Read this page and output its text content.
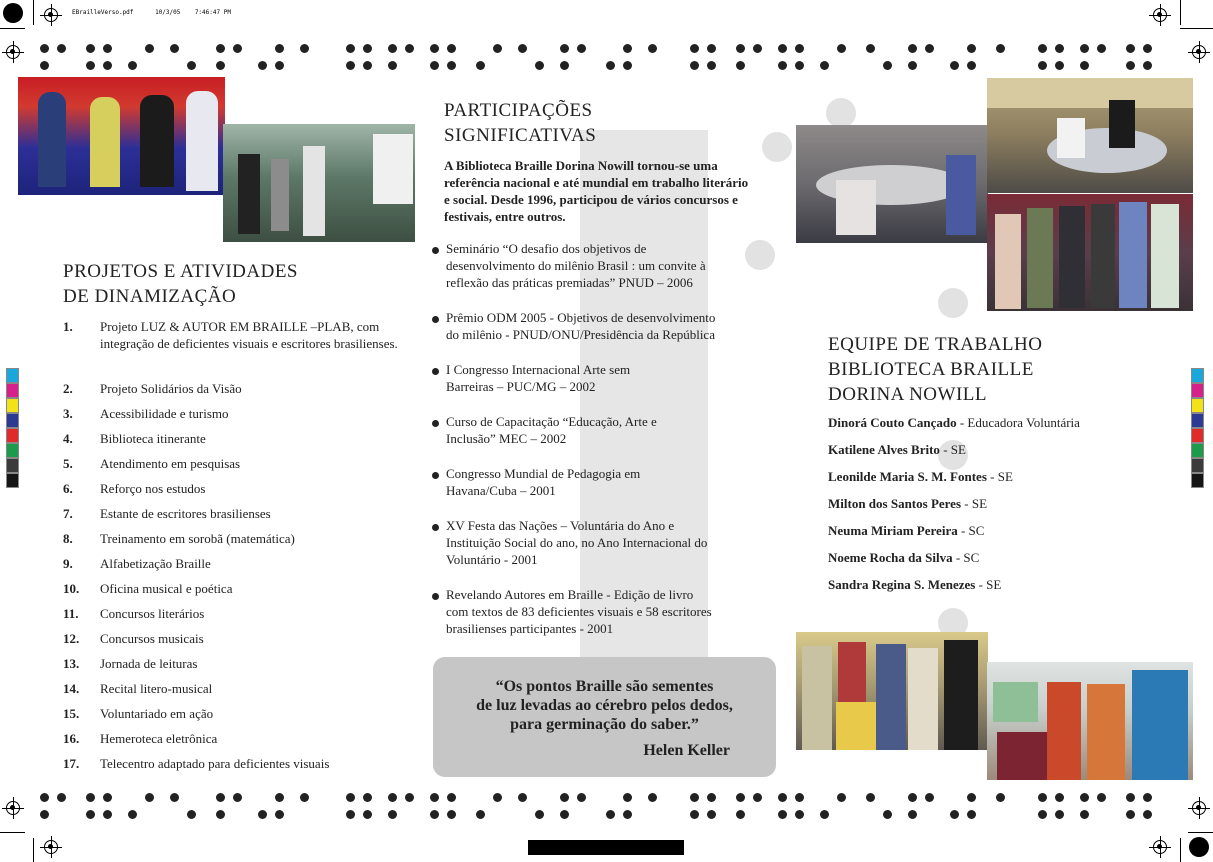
EBrailleVerso.pdf      10/3/05    7:46:47 PM
PROJETOS E ATIVIDADES
DE DINAMIZAÇÃO
1.	Projeto LUZ & AUTOR EM BRAILLE –PLAB, com integração de deficientes visuais e escritores brasilienses.
2.	Projeto Solidários da Visão
3.	Acessibilidade e turismo
4.	Biblioteca itinerante
5.	Atendimento em pesquisas
6.	Reforço nos estudos
7.	Estante de escritores brasilienses
8.	Treinamento em sorobã (matemática)
9.	Alfabetização Braille
10.	Oficina musical e poética
11.	Concursos literários
12.	Concursos musicais
13.	Jornada de leituras
14.	Recital litero-musical
15.	Voluntariado em ação
16.	Hemeroteca eletrônica
17.	Telecentro adaptado para deficientes visuais
PARTICIPAÇÕES
SIGNIFICATIVAS

A Biblioteca Braille Dorina Nowill tornou-se uma referência nacional e até mundial em trabalho literário e social. Desde 1996, participou de vários concursos e festivais, entre outros.

Seminário “O desafio dos objetivos de
desenvolvimento do milênio Brasil : um convite à
reflexão das práticas premiadas” PNUD – 2006
Prêmio ODM 2005 - Objetivos de desenvolvimento
do milênio - PNUD/ONU/Presidência da República
I Congresso Internacional Arte sem
Barreiras – PUC/MG – 2002
Curso de Capacitação “Educação, Arte e
Inclusão” MEC – 2002
Congresso Mundial de Pedagogia em
Havana/Cuba – 2001
XV Festa das Nações – Voluntária do Ano e
Instituição Social do ano, no Ano Internacional do
Voluntário - 2001
Revelando Autores em Braille - Edição de livro
com textos de 83 deficientes visuais e 58 escritores
brasilienses participantes - 2001
“Os pontos Braille são sementes
de luz levadas ao cérebro pelos dedos,
para germinação do saber.”
Helen Keller
EQUIPE DE TRABALHO
BIBLIOTECA BRAILLE
DORINA NOWILL
Dinorá Couto Cançado - Educadora Voluntária
Katilene Alves Brito - SE
Leonilde Maria S. M. Fontes - SE
Milton dos Santos Peres - SE
Neuma Miriam Pereira - SC
Noeme Rocha da Silva - SC
Sandra Regina S. Menezes - SE
